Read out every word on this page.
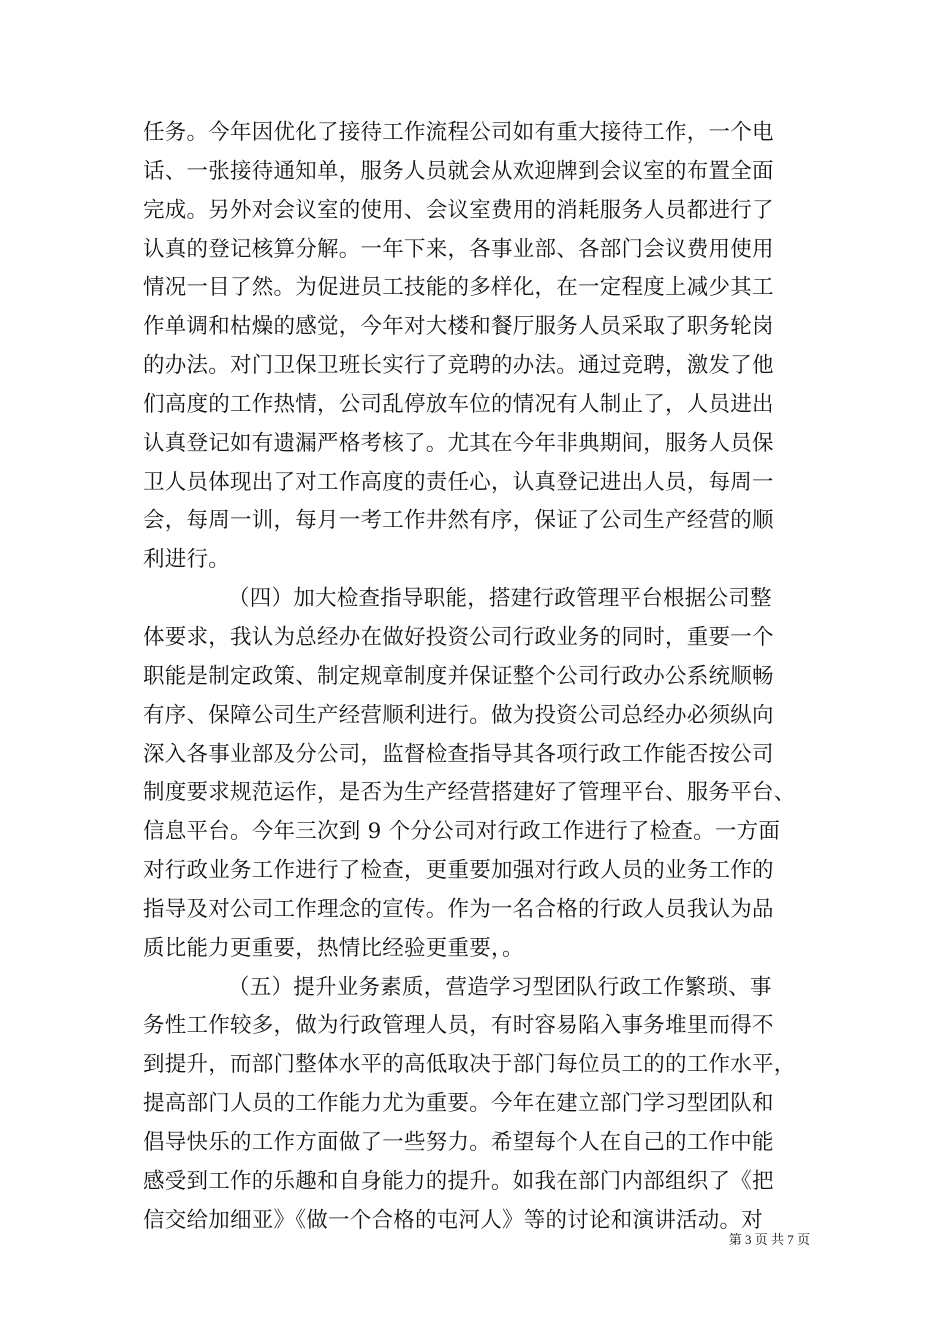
任务。今年因优化了接待工作流程公司如有重大接待工作，一个电
话、一张接待通知单，服务人员就会从欢迎牌到会议室的布置全面
完成。另外对会议室的使用、会议室费用的消耗服务人员都进行了
认真的登记核算分解。一年下来，各事业部、各部门会议费用使用
情况一目了然。为促进员工技能的多样化，在一定程度上减少其工
作单调和枯燥的感觉，今年对大楼和餐厅服务人员采取了职务轮岗
的办法。对门卫保卫班长实行了竞聘的办法。通过竞聘，激发了他
们高度的工作热情，公司乱停放车位的情况有人制止了，人员进出
认真登记如有遗漏严格考核了。尤其在今年非典期间，服务人员保
卫人员体现出了对工作高度的责任心，认真登记进出人员，每周一
会，每周一训，每月一考工作井然有序，保证了公司生产经营的顺
利进行。
（四）加大检查指导职能，搭建行政管理平台根据公司整
体要求，我认为总经办在做好投资公司行政业务的同时，重要一个
职能是制定政策、制定规章制度并保证整个公司行政办公系统顺畅
有序、保障公司生产经营顺利进行。做为投资公司总经办必须纵向
深入各事业部及分公司，监督检查指导其各项行政工作能否按公司
制度要求规范运作，是否为生产经营搭建好了管理平台、服务平台、
信息平台。今年三次到 9 个分公司对行政工作进行了检查。一方面
对行政业务工作进行了检查，更重要加强对行政人员的业务工作的
指导及对公司工作理念的宣传。作为一名合格的行政人员我认为品
质比能力更重要，热情比经验更重要，。
（五）提升业务素质，营造学习型团队行政工作繁琐、事
务性工作较多，做为行政管理人员，有时容易陷入事务堆里而得不
到提升，而部门整体水平的高低取决于部门每位员工的的工作水平，
提高部门人员的工作能力尤为重要。今年在建立部门学习型团队和
倡导快乐的工作方面做了一些努力。希望每个人在自己的工作中能
感受到工作的乐趣和自身能力的提升。如我在部门内部组织了《把
信交给加细亚》《做一个合格的屯河人》等的讨论和演讲活动。对
第 3 页 共 7 页
